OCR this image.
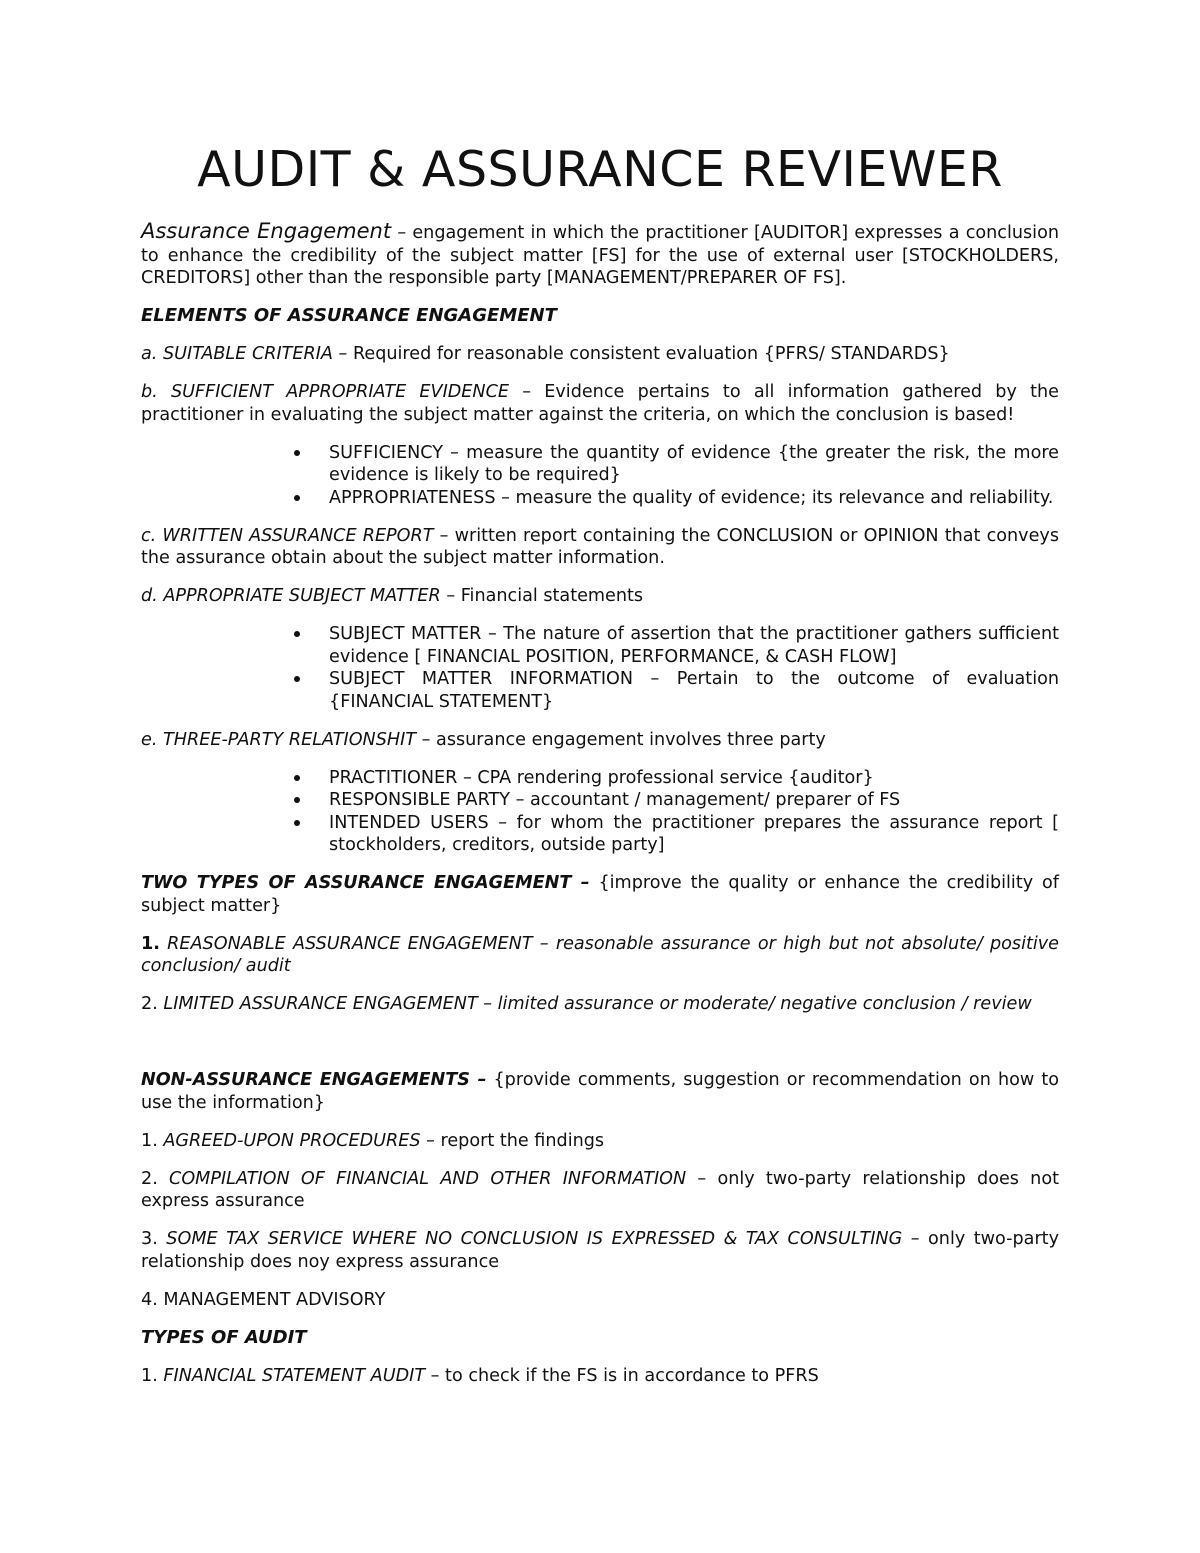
AUDIT & ASSURANCE REVIEWER

Assurance Engagement – engagement in which the practitioner [AUDITOR] expresses a conclusion to enhance the credibility of the subject matter [FS] for the use of external user [STOCKHOLDERS, CREDITORS] other than the responsible party [MANAGEMENT/PREPARER OF FS].

ELEMENTS OF ASSURANCE ENGAGEMENT

a. SUITABLE CRITERIA – Required for reasonable consistent evaluation {PFRS/ STANDARDS}

b. SUFFICIENT APPROPRIATE EVIDENCE – Evidence pertains to all information gathered by the practitioner in evaluating the subject matter against the criteria, on which the conclusion is based!

SUFFICIENCY – measure the quantity of evidence {the greater the risk, the more evidence is likely to be required}
APPROPRIATENESS – measure the quality of evidence; its relevance and reliability.

c. WRITTEN ASSURANCE REPORT – written report containing the CONCLUSION or OPINION that conveys the assurance obtain about the subject matter information.

d. APPROPRIATE SUBJECT MATTER – Financial statements

SUBJECT MATTER – The nature of assertion that the practitioner gathers sufficient evidence [ FINANCIAL POSITION, PERFORMANCE, & CASH FLOW]
SUBJECT MATTER INFORMATION – Pertain to the outcome of evaluation {FINANCIAL STATEMENT}

e. THREE-PARTY RELATIONSHIT – assurance engagement involves three party

PRACTITIONER – CPA rendering professional service {auditor}
RESPONSIBLE PARTY – accountant / management/ preparer of FS
INTENDED USERS – for whom the practitioner prepares the assurance report [ stockholders, creditors, outside party]

TWO TYPES OF ASSURANCE ENGAGEMENT – {improve the quality or enhance the credibility of subject matter}

1. REASONABLE ASSURANCE ENGAGEMENT – reasonable assurance or high but not absolute/ positive conclusion/ audit

2. LIMITED ASSURANCE ENGAGEMENT – limited assurance or moderate/ negative conclusion / review

NON-ASSURANCE ENGAGEMENTS – {provide comments, suggestion or recommendation on how to use the information}

1. AGREED-UPON PROCEDURES – report the findings

2. COMPILATION OF FINANCIAL AND OTHER INFORMATION – only two-party relationship does not express assurance

3. SOME TAX SERVICE WHERE NO CONCLUSION IS EXPRESSED & TAX CONSULTING – only two-party relationship does noy express assurance

4. MANAGEMENT ADVISORY

TYPES OF AUDIT

1. FINANCIAL STATEMENT AUDIT – to check if the FS is in accordance to PFRS
